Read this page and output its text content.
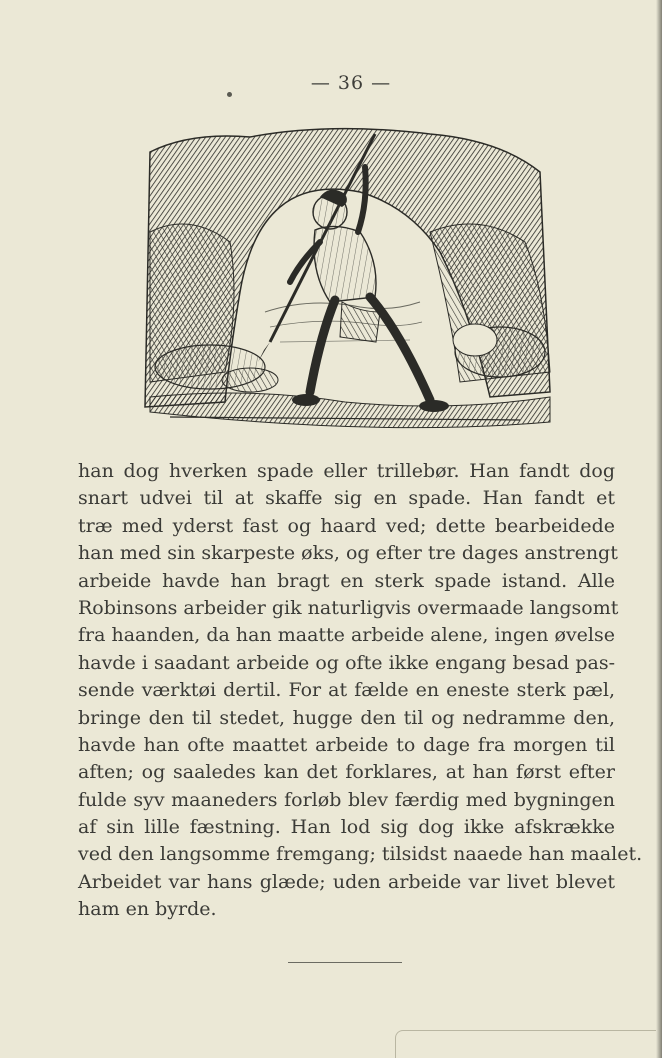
— 36 —
han dog hverken spade eller trillebør. Han fandt dog
snart udvei til at skaffe sig en spade. Han fandt et
træ med yderst fast og haard ved; dette bearbeidede
han med sin skarpeste øks, og efter tre dages anstrengt
arbeide havde han bragt en sterk spade istand. Alle
Robinsons arbeider gik naturligvis overmaade langsomt
fra haanden, da han maatte arbeide alene, ingen øvelse
havde i saadant arbeide og ofte ikke engang besad pas-
sende værktøi dertil. For at fælde en eneste sterk pæl,
bringe den til stedet, hugge den til og nedramme den,
havde han ofte maattet arbeide to dage fra morgen til
aften; og saaledes kan det forklares, at han først efter
fulde syv maaneders forløb blev færdig med bygningen
af sin lille fæstning. Han lod sig dog ikke afskrække
ved den langsomme fremgang; tilsidst naaede han maalet.
Arbeidet var hans glæde; uden arbeide var livet blevet
ham en byrde.
